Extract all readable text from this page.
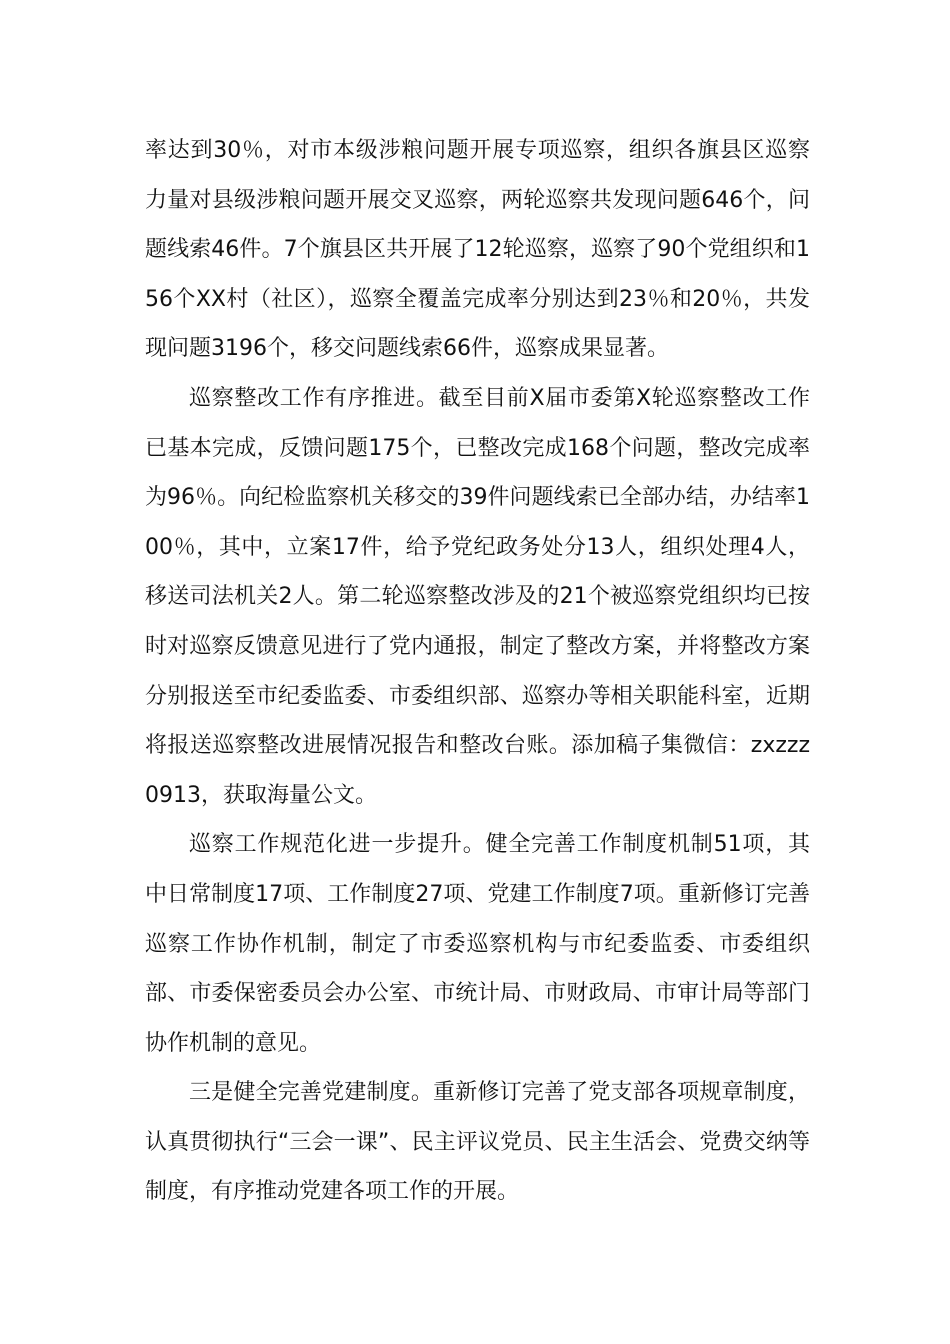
率达到30％，对市本级涉粮问题开展专项巡察，组织各旗县区巡察力量对县级涉粮问题开展交叉巡察，两轮巡察共发现问题646个，问题线索46件。7个旗县区共开展了12轮巡察，巡察了90个党组织和156个XX村（社区），巡察全覆盖完成率分别达到23％和20％，共发现问题3196个，移交问题线索66件，巡察成果显著。

巡察整改工作有序推进。截至目前X届市委第X轮巡察整改工作已基本完成，反馈问题175个，已整改完成168个问题，整改完成率为96％。向纪检监察机关移交的39件问题线索已全部办结，办结率100％，其中，立案17件，给予党纪政务处分13人，组织处理4人，移送司法机关2人。第二轮巡察整改涉及的21个被巡察党组织均已按时对巡察反馈意见进行了党内通报，制定了整改方案，并将整改方案分别报送至市纪委监委、市委组织部、巡察办等相关职能科室，近期将报送巡察整改进展情况报告和整改台账。添加稿子集微信：zxzzz0913，获取海量公文。

巡察工作规范化进一步提升。健全完善工作制度机制51项，其中日常制度17项、工作制度27项、党建工作制度7项。重新修订完善巡察工作协作机制，制定了市委巡察机构与市纪委监委、市委组织部、市委保密委员会办公室、市统计局、市财政局、市审计局等部门协作机制的意见。

三是健全完善党建制度。重新修订完善了党支部各项规章制度，认真贯彻执行“三会一课”、民主评议党员、民主生活会、党费交纳等制度，有序推动党建各项工作的开展。
